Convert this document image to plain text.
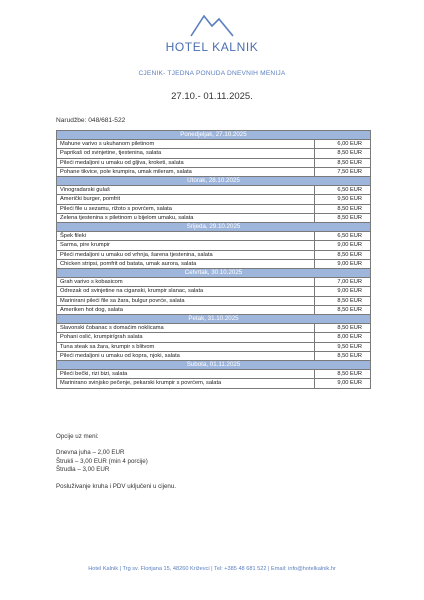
HOTEL KALNIK
CJENIK- TJEDNA PONUDA DNEVNIH MENIJA
27.10.- 01.11.2025.
Narudžbe: 048/681-522
Ponedjeljak, 27.10.2025	
Mahune varivo s ukuhanom piletinom	6,00 EUR
Paprikaš od svinjetine, tjestenina, salata	8,50 EUR
Pileći medaljoni u umaku od gljiva, kroketi, salata	8,50 EUR
Pohane tikvice, pole krumpira, umak mileram, salata	7,50 EUR
Utorak, 28.10.2025	
Vinogradarski gulaš	6,50 EUR
Američki burger, pomfrit	9,50 EUR
Pileći file u sezamu, rižoto s povrćem, salata	8,50 EUR
Zelena tjestenina s piletinom u bijelom umaku, salata	8,50 EUR
Srijeda, 29.10.2025	
Špek fileki	6,50 EUR
Sarma, pire krumpir	9,00 EUR
Pileći medaljoni u umaku od vrhnja, šarena tjestenina, salata	8,50 EUR
Chicken stripsi, pomfrit od batata, umak aurora, salata	9,00 EUR
Četvrtak, 30.10.2025	
Grah varivo s kobasicom	7,00 EUR
Odrezak od svinjetine na ciganski, krumpir slanac, salata	9,00 EUR
Marinirani pileći file sa žara, bulgur povrće, salata	8,50 EUR
Ameriken hot dog, salata	8,50 EUR
Petak, 31.10.2025	
Slavonski čobanac s domaćim noklicama	8,50 EUR
Pohani oslić, krumpir/grah salata	8,00 EUR
Tuna steak sa žara, krumpir s blitvom	9,50 EUR
Pileći medaljoni u umaku od kopra, njoki, salata	8,50 EUR
Subota, 01.11.2025	
Pileći bečki, rizi bizi, salata	8,50 EUR
Marinirano svinjsko pečenje, pekarski krumpir s povrćem, salata	9,00 EUR

Opcije uz meni:

Dnevna juha – 2,00 EUR

Štrukli – 3,00 EUR (min 4 porcije)

Štrudla – 3,00 EUR

Posluživanje kruha i PDV uključeni u cijenu.

Hotel Kalnik | Trg sv. Florijana 15, 48260 Križevci | Tel: +385 48 681 522 | Email: info@hotelkalnik.hr
